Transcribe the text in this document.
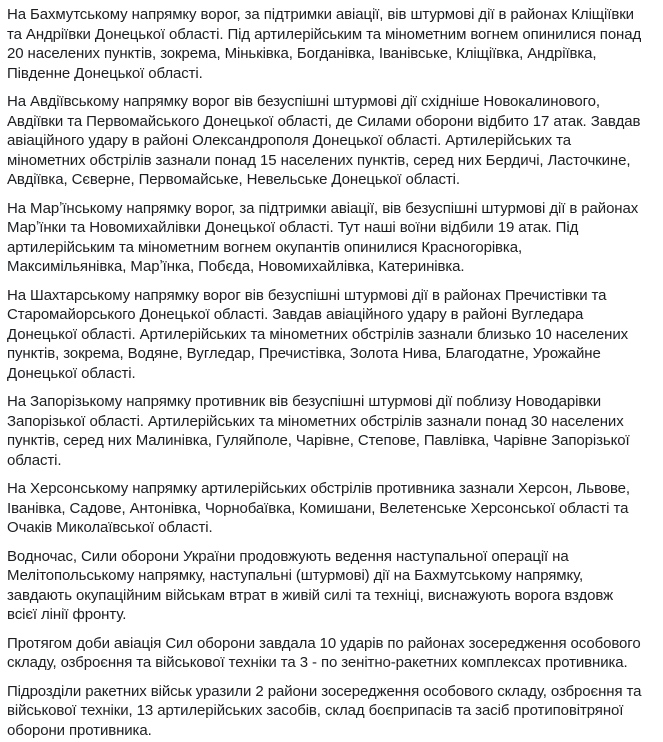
На Бахмутському напрямку ворог, за підтримки авіації, вів штурмові дії в районах Кліщіївки та Андріївки Донецької області. Під артилерійським та мінометним вогнем опинилися понад 20 населених пунктів, зокрема, Міньківка, Богданівка, Іванівське, Кліщіївка, Андріївка, Південне Донецької області.

На Авдіївському напрямку ворог вів безуспішні штурмові дії східніше Новокалинового, Авдіївки та Первомайського Донецької області, де Силами оборони відбито 17 атак. Завдав авіаційного удару в районі Олександрополя Донецької області. Артилерійських та мінометних обстрілів зазнали понад 15 населених пунктів, серед них Бердичі, Ласточкине, Авдіївка, Сєверне, Первомайське, Невельське Донецької області.

На Марʼїнському напрямку ворог, за підтримки авіації, вів безуспішні штурмові дії в районах Марʼїнки та Новомихайлівки Донецької області. Тут наші воїни відбили 19 атак. Під артилерійським та мінометним вогнем окупантів опинилися Красногорівка, Максимільянівка, Марʼїнка, Побєда, Новомихайлівка, Катеринівка.

На Шахтарському напрямку ворог вів безуспішні штурмові дії в районах Пречистівки та Старомайорського Донецької області. Завдав авіаційного удару в районі Вугледара Донецької області. Артилерійських та мінометних обстрілів зазнали близько 10 населених пунктів, зокрема, Водяне, Вугледар, Пречистівка, Золота Нива, Благодатне, Урожайне Донецької області.

На Запорізькому напрямку противник вів безуспішні штурмові дії поблизу Новодарівки Запорізької області. Артилерійських та мінометних обстрілів зазнали понад 30 населених пунктів, серед них Малинівка, Гуляйполе, Чарівне, Степове, Павлівка, Чарівне Запорізької області.

На Херсонському напрямку артилерійських обстрілів противника зазнали Херсон, Львове, Іванівка, Садове, Антонівка, Чорнобаївка, Комишани, Велетенське Херсонської області та Очаків Миколаївської області.

Водночас, Сили оборони України продовжують ведення наступальної операції на Мелітопольському напрямку, наступальні (штурмові) дії на Бахмутському напрямку, завдають окупаційним військам втрат в живій силі та техніці, виснажують ворога вздовж всієї лінії фронту.

Протягом доби авіація Сил оборони завдала 10 ударів по районах зосередження особового складу, озброєння та військової техніки та 3 - по зенітно-ракетних комплексах противника.

Підрозділи ракетних військ уразили 2 райони зосередження особового складу, озброєння та військової техніки, 13 артилерійських засобів, склад боєприпасів та засіб протиповітряної оборони противника.
